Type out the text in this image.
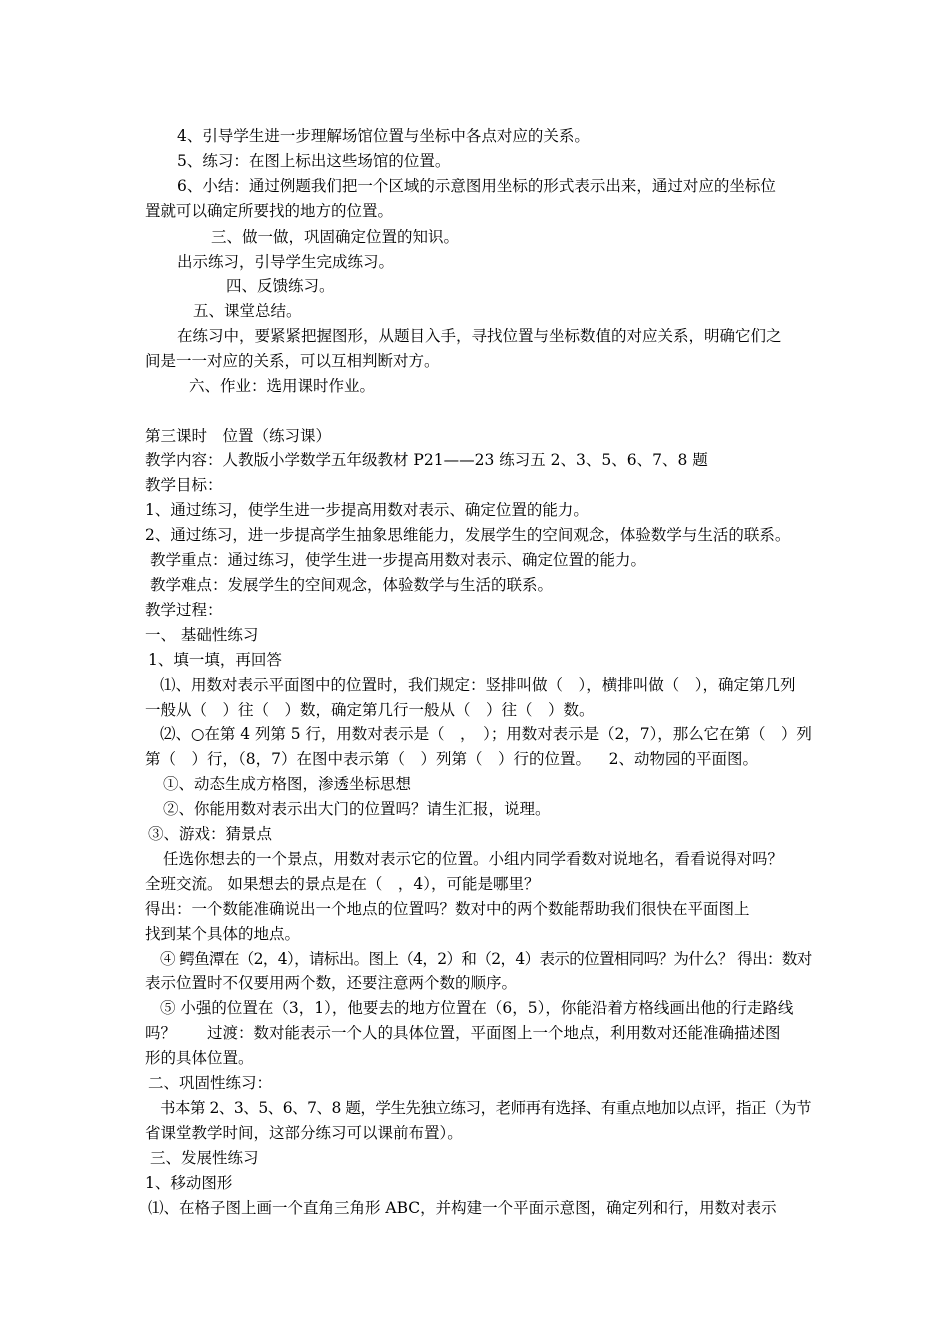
4、引导学生进一步理解场馆位置与坐标中各点对应的关系。
5、练习：在图上标出这些场馆的位置。
6、小结：通过例题我们把一个区域的示意图用坐标的形式表示出来，通过对应的坐标位
置就可以确定所要找的地方的位置。
三、做一做，巩固确定位置的知识。
出示练习，引导学生完成练习。
四、反馈练习。
五、课堂总结。
在练习中，要紧紧把握图形，从题目入手，寻找位置与坐标数值的对应关系，明确它们之
间是一一对应的关系，可以互相判断对方。
六、作业：选用课时作业。
第三课时　位置（练习课）
教学内容：人教版小学数学五年级教材 P21——23 练习五 2、3、5、6、7、8 题
教学目标：
1、通过练习，使学生进一步提高用数对表示、确定位置的能力。
2、通过练习，进一步提高学生抽象思维能力，发展学生的空间观念，体验数学与生活的联系。
教学重点：通过练习，使学生进一步提高用数对表示、确定位置的能力。
教学难点：发展学生的空间观念，体验数学与生活的联系。
教学过程：
一、 基础性练习
1、填一填，再回答
⑴、用数对表示平面图中的位置时，我们规定：竖排叫做（　），横排叫做（　），确定第几列
一般从（　）往（　）数，确定第几行一般从（　）往（　）数。
⑵、○在第 4 列第 5 行，用数对表示是（　，　）；用数对表示是（2，7），那么它在第（　）列
第（　）行，（8，7）在图中表示第（　）列第（　）行的位置。　  2、动物园的平面图。
①、动态生成方格图，渗透坐标思想
②、你能用数对表示出大门的位置吗？请生汇报，说理。
③、游戏：猜景点
任选你想去的一个景点，用数对表示它的位置。小组内同学看数对说地名，看看说得对吗？
全班交流。 如果想去的景点是在（　，4），可能是哪里？
得出：一个数能准确说出一个地点的位置吗？数对中的两个数能帮助我们很快在平面图上
找到某个具体的地点。
④ 鳄鱼潭在（2，4），请标出。图上（4，2）和（2，4）表示的位置相同吗？为什么？ 得出：数对
表示位置时不仅要用两个数，还要注意两个数的顺序。
⑤ 小强的位置在（3，1），他要去的地方位置在（6，5），你能沿着方格线画出他的行走路线
吗？　　过渡：数对能表示一个人的具体位置，平面图上一个地点，利用数对还能准确描述图
形的具体位置。
二、巩固性练习：
书本第 2、3、5、6、7、8 题，学生先独立练习，老师再有选择、有重点地加以点评，指正（为节
省课堂教学时间，这部分练习可以课前布置）。
三、发展性练习
1、移动图形
⑴、在格子图上画一个直角三角形 ABC，并构建一个平面示意图，确定列和行，用数对表示
